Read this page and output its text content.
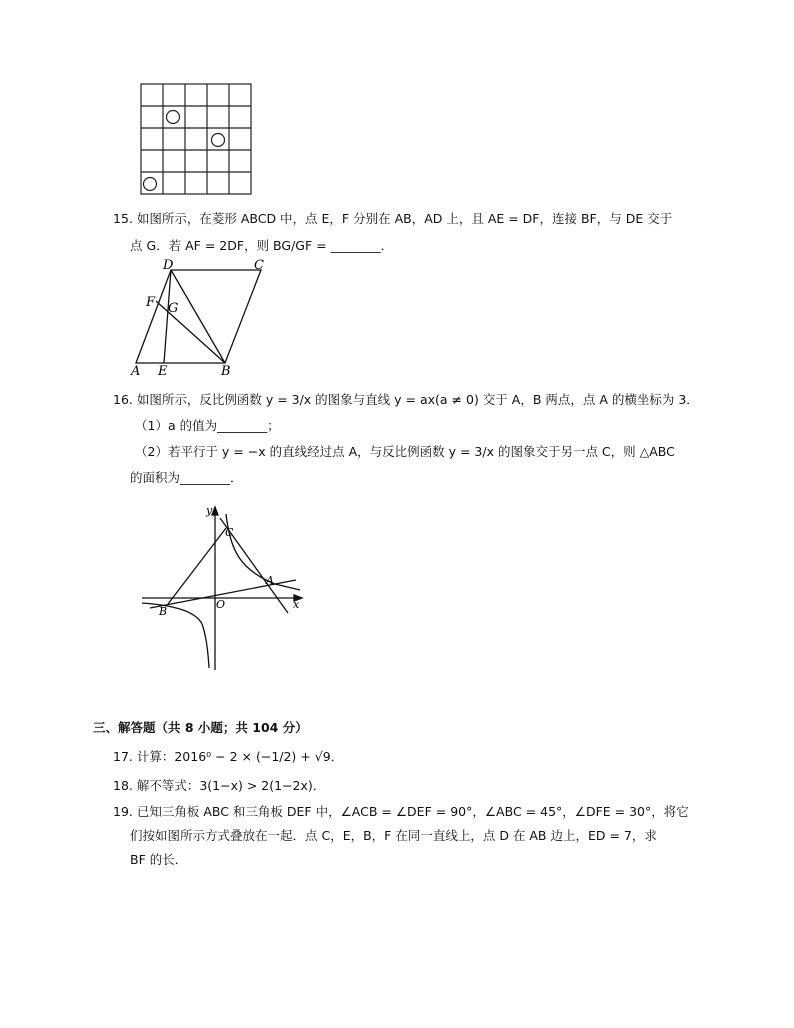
15. 如图所示，在菱形 ABCD 中，点 E，F 分别在 AB，AD 上，且 AE = DF，连接 BF，与 DE 交于
点 G．若 AF = 2DF，则 BG/GF = ________．
D	C
F G
A E	B
16. 如图所示，反比例函数 y = 3/x 的图象与直线 y = ax(a ≠ 0) 交于 A，B 两点，点 A 的横坐标为 3．
（1）a 的值为________；
（2）若平行于 y = −x 的直线经过点 A，与反比例函数 y = 3/x 的图象交于另一点 C，则 △ABC
的面积为________．
y
x
O
A
B
C
三、解答题（共 8 小题；共 104 分）
17. 计算：2016⁰ − 2 × (−1/2) + √9．
18. 解不等式：3(1−x) > 2(1−2x)．
19. 已知三角板 ABC 和三角板 DEF 中，∠ACB = ∠DEF = 90°，∠ABC = 45°，∠DFE = 30°，将它
们按如图所示方式叠放在一起．点 C，E，B，F 在同一直线上，点 D 在 AB 边上，ED = 7，求
BF 的长．
